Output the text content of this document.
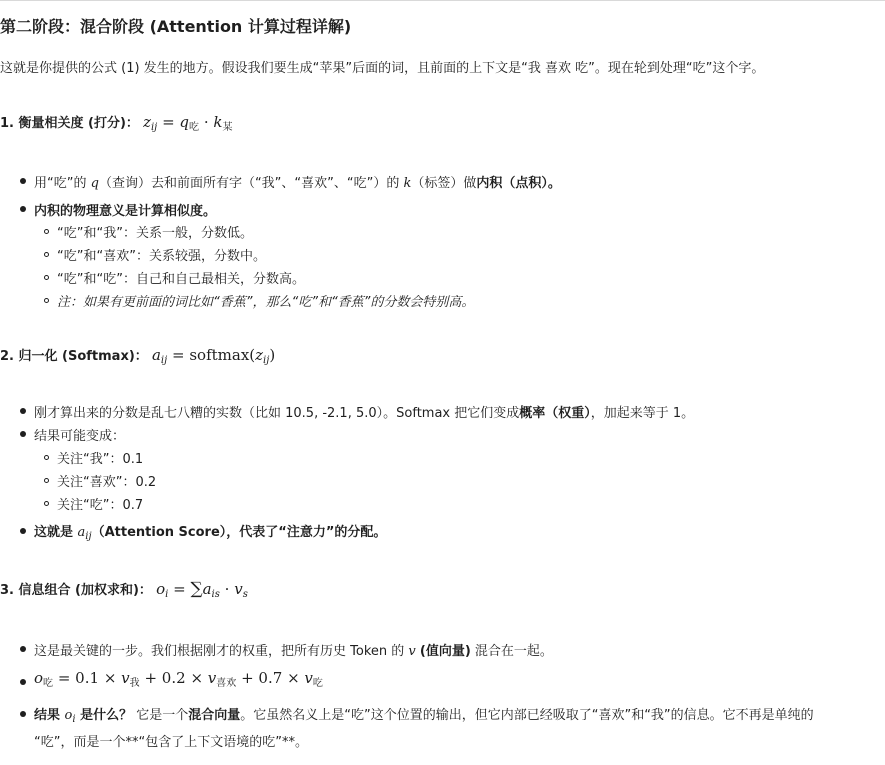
第二阶段：混合阶段 (Attention 计算过程详解)
这就是你提供的公式 (1) 发生的地方。假设我们要生成“苹果”后面的词，且前面的上下文是“我 喜欢 吃”。现在轮到处理“吃”这个字。
1. 衡量相关度 (打分)： $z_{ij} = q_吃 \cdot k_某$
用“吃”的 q（查询）去和前面所有字（“我”、“喜欢”、“吃”）的 k（标签）做内积（点积）。
内积的物理意义是计算相似度。
“吃”和“我”：关系一般，分数低。
“吃”和“喜欢”：关系较强，分数中。
“吃”和“吃”：自己和自己最相关，分数高。
注：如果有更前面的词比如“香蕉”，那么“吃”和“香蕉”的分数会特别高。
2. 归一化 (Softmax)： $a_{ij}$ = $softmax(z_{ij})$
刚才算出来的分数是乱七八糟的实数（比如 10.5, -2.1, 5.0）。Softmax 把它们变成概率（权重），加起来等于 1。
结果可能变成：
关注“我”：0.1
关注“喜欢”：0.2
关注“吃”：0.7
这就是 $a_{ij}(Attention$ Score），代表了“注意力”的分配。
3. 信息组合 (加权求和)： $o_i = \sum a_{is} \cdot v_s$
这是最关键的一步。我们根据刚才的权重，把所有历史 Token 的 v (值向量) 混合在一起。
$o_吃 = 0.1 \times v_我 + 0.2 \times v_{喜欢} + 0.7 \times v_吃$
结果 $o_i$ 是什么？ 它是一个混合向量。它虽然名义上是“吃”这个位置的输出，但它内部已经吸取了“喜欢”和“我”的信息。它不再是单纯的
“吃”，而是一个**“包含了上下文语境的吃”**。
